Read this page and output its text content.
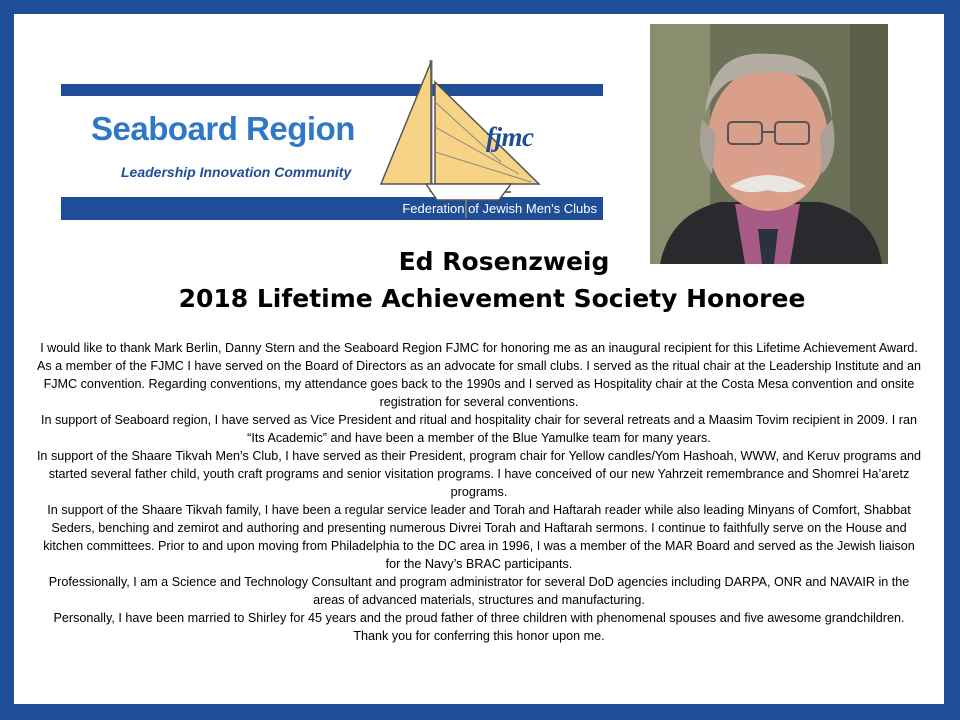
Seaboard Region
Leadership Innovation Community
fjmc
Federation of Jewish Men's Clubs
Ed Rosenzweig
2018 Lifetime Achievement Society Honoree

I would like to thank Mark Berlin, Danny Stern and the Seaboard Region FJMC for honoring me as an inaugural recipient for this Lifetime Achievement Award.

As a member of the FJMC I have served on the Board of Directors as an advocate for small clubs. I served as the ritual chair at the Leadership Institute and an FJMC convention. Regarding conventions, my attendance goes back to the 1990s and I served as Hospitality chair at the Costa Mesa convention and onsite registration for several conventions.

In support of Seaboard region, I have served as Vice President and ritual and hospitality chair for several retreats and a Maasim Tovim recipient in 2009. I ran “Its Academic” and have been a member of the Blue Yamulke team for many years.

In support of the Shaare Tikvah Men’s Club, I have served as their President, program chair for Yellow candles/Yom Hashoah, WWW, and Keruv programs and started several father child, youth craft programs and senior visitation programs. I have conceived of our new Yahrzeit remembrance and Shomrei Ha’aretz programs.

In support of the Shaare Tikvah family, I have been a regular service leader and Torah and Haftarah reader while also leading Minyans of Comfort, Shabbat Seders, benching and zemirot and authoring and presenting numerous Divrei Torah and Haftarah sermons. I continue to faithfully serve on the House and kitchen committees. Prior to and upon moving from Philadelphia to the DC area in 1996, I was a member of the MAR Board and served as the Jewish liaison for the Navy’s BRAC participants.

Professionally, I am a Science and Technology Consultant and program administrator for several DoD agencies including DARPA, ONR and NAVAIR in the areas of advanced materials, structures and manufacturing.

Personally, I have been married to Shirley for 45 years and the proud father of three children with phenomenal spouses and five awesome grandchildren. Thank you for conferring this honor upon me.
